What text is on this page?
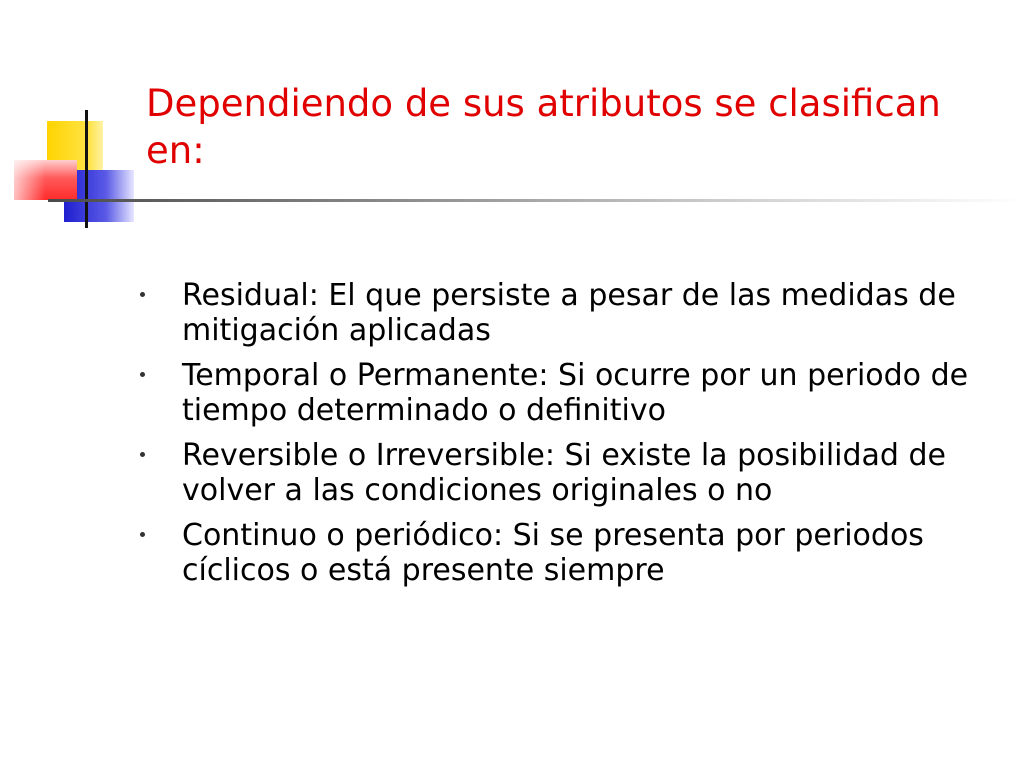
Dependiendo de sus atributos se clasifican en:
Residual: El que persiste a pesar de las medidas de mitigación aplicadas
Temporal o Permanente: Si ocurre por un periodo de tiempo determinado o definitivo
Reversible o Irreversible: Si existe la posibilidad de volver a las condiciones originales o no
Continuo o periódico: Si se presenta por periodos cíclicos o está presente siempre
